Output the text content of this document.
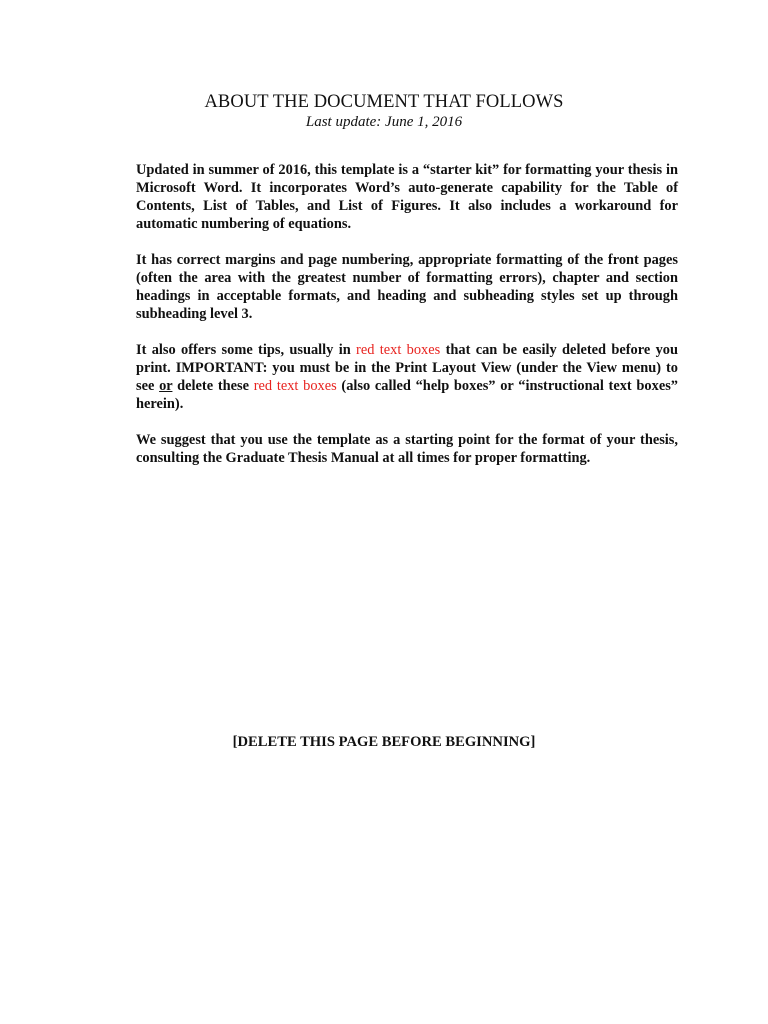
ABOUT THE DOCUMENT THAT FOLLOWS

Last update: June 1, 2016

Updated in summer of 2016, this template is a “starter kit” for formatting your thesis in Microsoft Word. It incorporates Word’s auto-generate capability for the Table of Contents, List of Tables, and List of Figures. It also includes a workaround for automatic numbering of equations.

It has correct margins and page numbering, appropriate formatting of the front pages (often the area with the greatest number of formatting errors), chapter and section headings in acceptable formats, and heading and subheading styles set up through subheading level 3.

It also offers some tips, usually in red text boxes that can be easily deleted before you print. IMPORTANT: you must be in the Print Layout View (under the View menu) to see or delete these red text boxes (also called “help boxes” or “instructional text boxes” herein).

We suggest that you use the template as a starting point for the format of your thesis, consulting the Graduate Thesis Manual at all times for proper formatting.

[DELETE THIS PAGE BEFORE BEGINNING]
